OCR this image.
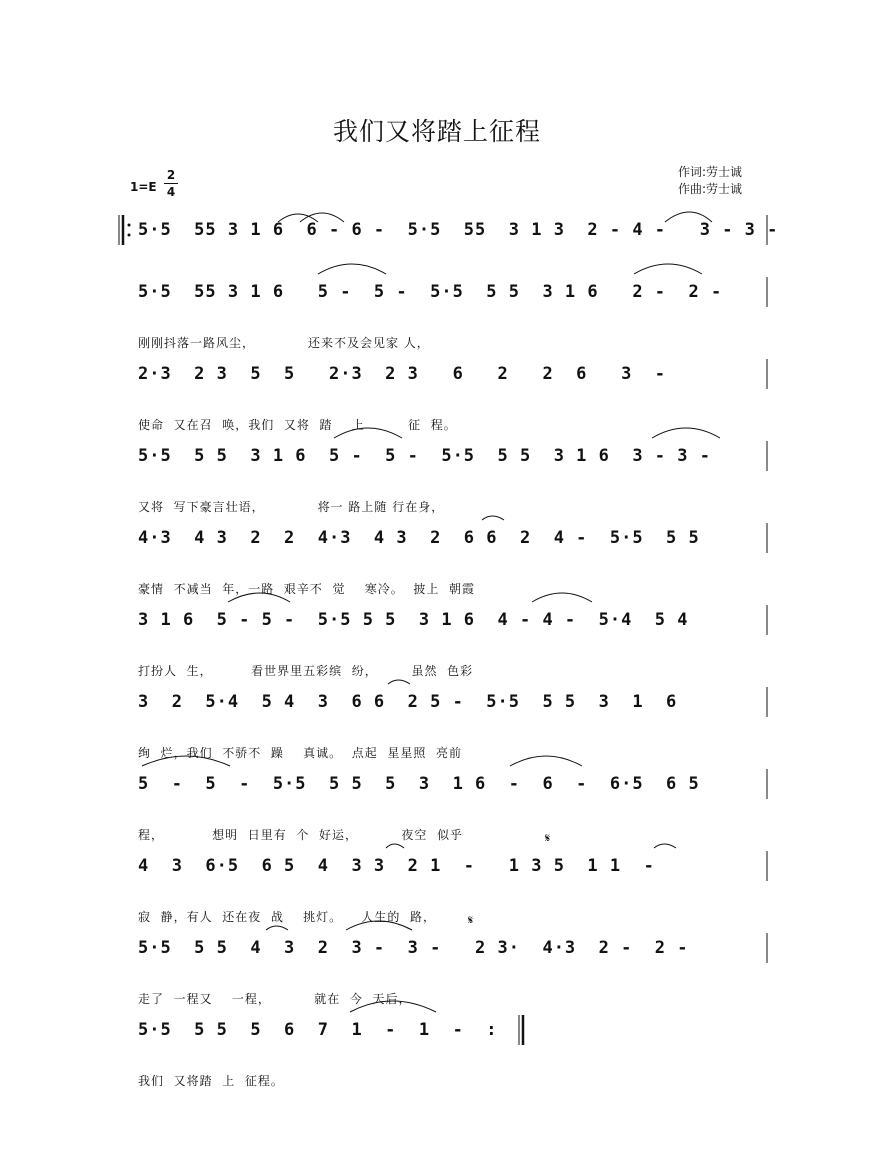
我们又将踏上征程
作词:劳士诚
作曲:劳士诚
1=E
2
4
5·5  55 3 1 6  6 - 6 -  5·5  55  3 1 3  2 - 4 -   3 - 3 -
5·5  55 3 1 6   5 -  5 -  5·5  5 5  3 1 6   2 -  2 -
刚刚抖落一路风尘，           还来不及会见家 人，
2·3  2 3  5  5   2·3  2 3   6   2   2  6   3  -
使命  又在召  唤，我们  又将  踏    上         征  程。
5·5  5 5  3 1 6  5 -  5 -  5·5  5 5  3 1 6  3 - 3 -
又将  写下豪言壮语，           将一 路上随 行在身，
4·3  4 3  2  2  4·3  4 3  2  6 6  2  4 -  5·5  5 5
豪情  不减当  年，一路  艰辛不  觉    寒冷。  披上  朝霞
3 1 6  5 - 5 -  5·5 5 5  3 1 6  4 - 4 -  5·4  5 4
打扮人  生，        看世界里五彩缤  纷，       虽然  色彩
3  2  5·4  5 4  3  6 6  2 5 -  5·5  5 5  3  1  6
绚  烂，我们  不骄不  躁    真诚。  点起  星星照  亮前
5  -  5  -  5·5  5 5  5  3  1 6  -  6  -  6·5  6 5
程，          想明  日里有  个  好运，         夜空  似乎
4  3  6·5  6 5  4  3 3  2 1  -   1 3 5  1 1  -
寂  静，有人  还在夜  战    挑灯。    人生的  路，
5·5  5 5  4  3  2  3 -  3 -   2 3·  4·3  2 -  2 -
走了  一程又    一程，         就在  今  天后，
5·5  5 5  5  6  7  1  -  1  -  :
我们  又将踏  上  征程。
𝄋
𝄋
